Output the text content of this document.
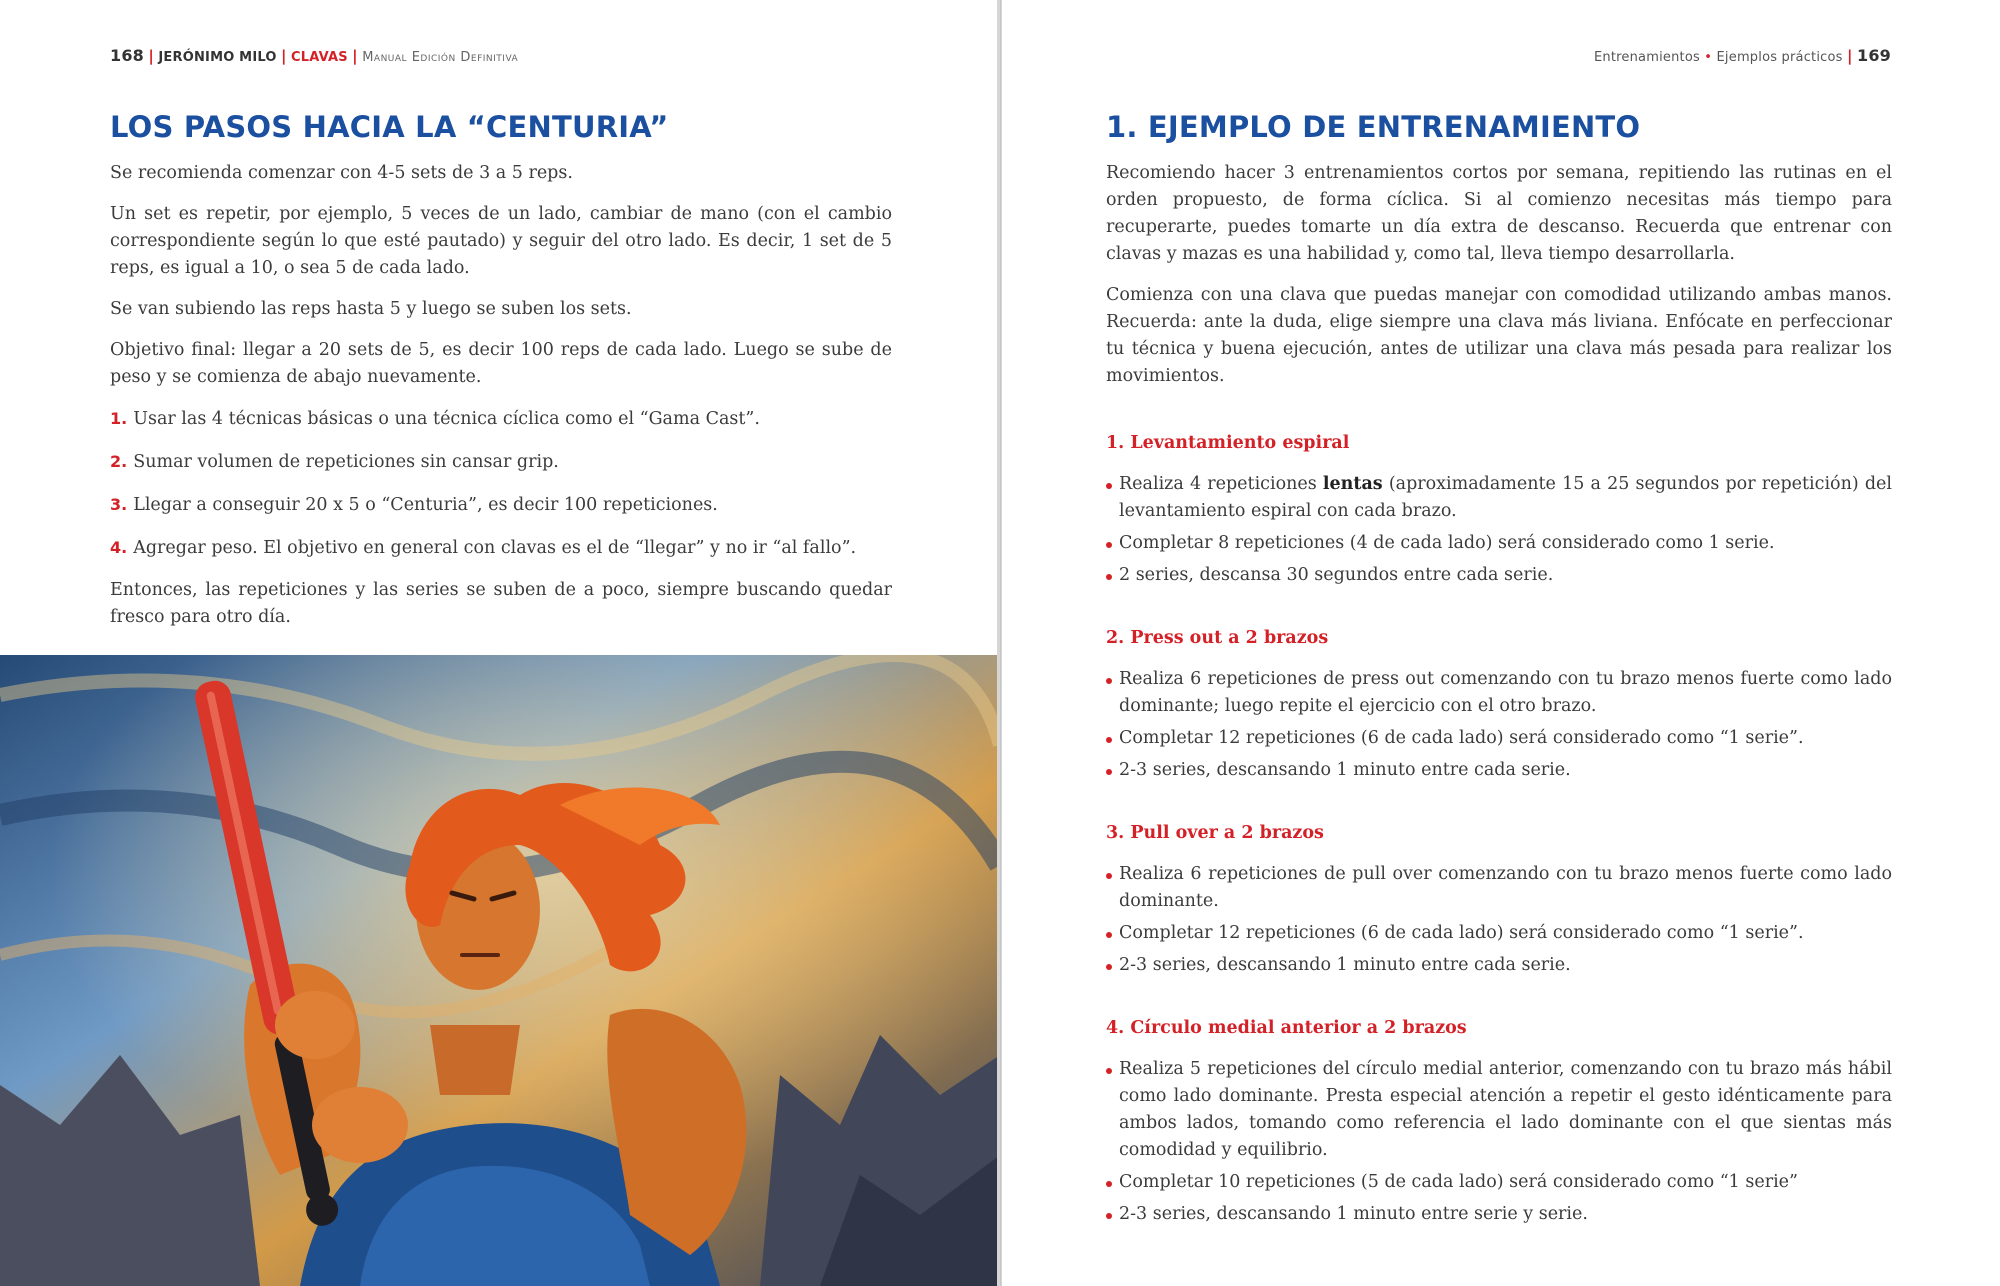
168 | JERÓNIMO MILO | CLAVAS | Manual Edición Definitiva
LOS PASOS HACIA LA “CENTURIA”

Se recomienda comenzar con 4-5 sets de 3 a 5 reps.

Un set es repetir, por ejemplo, 5 veces de un lado, cambiar de mano (con el cambio correspondiente según lo que esté pautado) y seguir del otro lado. Es decir, 1 set de 5 reps, es igual a 10, o sea 5 de cada lado.

Se van subiendo las reps hasta 5 y luego se suben los sets.

Objetivo final: llegar a 20 sets de 5, es decir 100 reps de cada lado. Luego se sube de peso y se comienza de abajo nuevamente.

1. Usar las 4 técnicas básicas o una técnica cíclica como el “Gama Cast”.
2. Sumar volumen de repeticiones sin cansar grip.
3. Llegar a conseguir 20 x 5 o “Centuria”, es decir 100 repeticiones.
4. Agregar peso. El objetivo en general con clavas es el de “llegar” y no ir “al fallo”.

Entonces, las repeticiones y las series se suben de a poco, siempre buscando quedar fresco para otro día.

Entrenamientos • Ejemplos prácticos | 169
1. EJEMPLO DE ENTRENAMIENTO

Recomiendo hacer 3 entrenamientos cortos por semana, repitiendo las rutinas en el orden propuesto, de forma cíclica. Si al comienzo necesitas más tiempo para recuperarte, puedes tomarte un día extra de descanso. Recuerda que entrenar con clavas y mazas es una habilidad y, como tal, lleva tiempo desarrollarla.

Comienza con una clava que puedas manejar con comodidad utilizando ambas manos. Recuerda: ante la duda, elige siempre una clava más liviana. Enfócate en perfeccionar tu técnica y buena ejecución, antes de utilizar una clava más pesada para realizar los movimientos.

1. Levantamiento espiral
Realiza 4 repeticiones lentas (aproximadamente 15 a 25 segundos por repetición) del levantamiento espiral con cada brazo.
Completar 8 repeticiones (4 de cada lado) será considerado como 1 serie.
2 series, descansa 30 segundos entre cada serie.
2. Press out a 2 brazos
Realiza 6 repeticiones de press out comenzando con tu brazo menos fuerte como lado dominante; luego repite el ejercicio con el otro brazo.
Completar 12 repeticiones (6 de cada lado) será considerado como “1 serie”.
2-3 series, descansando 1 minuto entre cada serie.
3. Pull over a 2 brazos
Realiza 6 repeticiones de pull over comenzando con tu brazo menos fuerte como lado dominante.
Completar 12 repeticiones (6 de cada lado) será considerado como “1 serie”.
2-3 series, descansando 1 minuto entre cada serie.
4. Círculo medial anterior a 2 brazos
Realiza 5 repeticiones del círculo medial anterior, comenzando con tu brazo más hábil como lado dominante. Presta especial atención a repetir el gesto idénticamente para ambos lados, tomando como referencia el lado dominante con el que sientas más comodidad y equilibrio.
Completar 10 repeticiones (5 de cada lado) será considerado como “1 serie”
2-3 series, descansando 1 minuto entre serie y serie.
